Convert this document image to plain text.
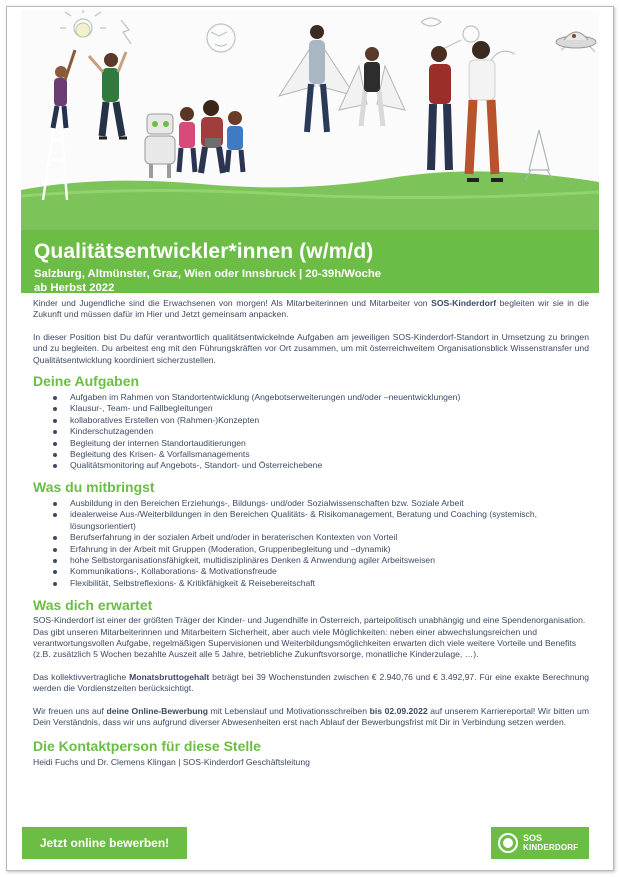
Qualitätsentwickler*innen (w/m/d)
Salzburg, Altmünster, Graz, Wien oder Innsbruck | 20-39h/Woche
ab Herbst 2022

Kinder und Jugendliche sind die Erwachsenen von morgen! Als Mitarbeiterinnen und Mitarbeiter von SOS-Kinderdorf begleiten wir sie in die Zukunft und müssen dafür im Hier und Jetzt gemeinsam anpacken.

In dieser Position bist Du dafür verantwortlich qualitätsentwickelnde Aufgaben am jeweiligen SOS-Kinderdorf-Standort in Umsetzung zu bringen und zu begleiten. Du arbeitest eng mit den Führungskräften vor Ort zusammen, um mit österreichweitem Organisationsblick Wissenstransfer und Qualitätsentwicklung koordiniert sicherzustellen.

Deine Aufgaben
Aufgaben im Rahmen von Standortentwicklung (Angebotserweiterungen und/oder –neuentwicklungen)
Klausur-, Team- und Fallbegleitungen
kollaboratives Erstellen von (Rahmen-)Konzepten
Kinderschutzagenden
Begleitung der internen Standortauditierungen
Begleitung des Krisen- & Vorfallsmanagements
Qualitätsmonitoring auf Angebots-, Standort- und Österreichebene
Was du mitbringst
Ausbildung in den Bereichen Erziehungs-, Bildungs- und/oder Sozialwissenschaften bzw. Soziale Arbeit
idealerweise Aus-/Weiterbildungen in den Bereichen Qualitäts- & Risikomanagement, Beratung und Coaching (systemisch, lösungsorientiert)
Berufserfahrung in der sozialen Arbeit und/oder in beraterischen Kontexten von Vorteil
Erfahrung in der Arbeit mit Gruppen (Moderation, Gruppenbegleitung und –dynamik)
hohe Selbstorganisationsfähigkeit, multidisziplinäres Denken & Anwendung agiler Arbeitsweisen
Kommunikations-, Kollaborations- & Motivationsfreude
Flexibilität, Selbstreflexions- & Kritikfähigkeit & Reisebereitschaft
Was dich erwartet

SOS-Kinderdorf ist einer der größten Träger der Kinder- und Jugendhilfe in Österreich, parteipolitisch unabhängig und eine Spendenorganisation. Das gibt unseren Mitarbeiterinnen und Mitarbeitern Sicherheit, aber auch viele Möglichkeiten: neben einer abwechslungsreichen und verantwortungsvollen Aufgabe, regelmäßigen Supervisionen und Weiterbildungsmöglichkeiten erwarten dich viele weitere Vorteile und Benefits (z.B. zusätzlich 5 Wochen bezahlte Auszeit alle 5 Jahre, betriebliche Zukunftsvorsorge, monatliche Kinderzulage, …).

Das kollektivvertragliche Monatsbruttogehalt beträgt bei 39 Wochenstunden zwischen € 2.940,76 und € 3.492,97. Für eine exakte Berechnung werden die Vordienstzeiten berücksichtigt.

Wir freuen uns auf deine Online-Bewerbung mit Lebenslauf und Motivationsschreiben bis 02.09.2022 auf unserem Karriereportal! Wir bitten um Dein Verständnis, dass wir uns aufgrund diverser Abwesenheiten erst nach Ablauf der Bewerbungsfrist mit Dir in Verbindung setzen werden.

Die Kontaktperson für diese Stelle

Heidi Fuchs und Dr. Clemens Klingan | SOS-Kinderdorf Geschäftsleitung

Jetzt online bewerben!	SOS
KINDERDORF
